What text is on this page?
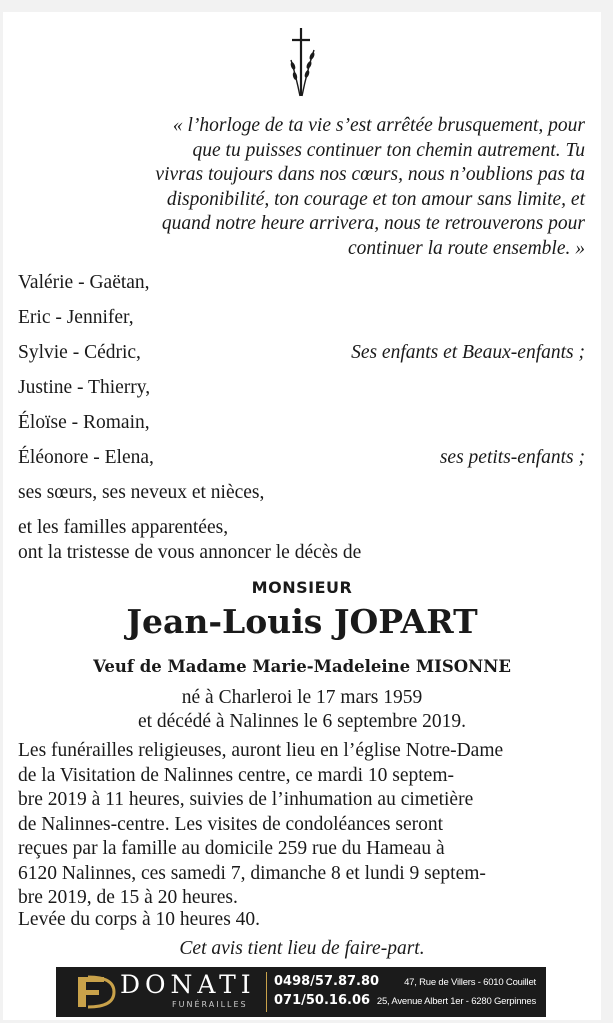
« l’horloge de ta vie s’est arrêtée brusquement, pour
que tu puisses continuer ton chemin autrement. Tu
vivras toujours dans nos cœurs, nous n’oublions pas ta
disponibilité, ton courage et ton amour sans limite, et
quand notre heure arrivera, nous te retrouverons pour
continuer la route ensemble. »
Valérie - Gaëtan,
Eric - Jennifer,
Sylvie - Cédric,	Ses enfants et Beaux-enfants ;
Justine - Thierry,
Éloïse - Romain,
Éléonore - Elena,	ses petits-enfants ;
ses sœurs, ses neveux et nièces,
et les familles apparentées,
ont la tristesse de vous annoncer le décès de
MONSIEUR
Jean-Louis JOPART
Veuf de Madame Marie-Madeleine MISONNE
né à Charleroi le 17 mars 1959
et décédé à Nalinnes le 6 septembre 2019.
Les funérailles religieuses, auront lieu en l’église Notre-Dame
de la Visitation de Nalinnes centre, ce mardi 10 septem-
bre 2019 à 11 heures, suivies de l’inhumation au cimetière
de Nalinnes-centre. Les visites de condoléances seront
reçues par la famille au domicile 259 rue du Hameau à
6120 Nalinnes, ces samedi 7, dimanche 8 et lundi 9 septem-
bre 2019, de 15 à 20 heures.
Levée du corps à 10 heures 40.
Cet avis tient lieu de faire-part.
DONATI
FUNÉRAILLES
0498/57.87.80
071/50.16.06
47, Rue de Villers - 6010 Couillet
25, Avenue Albert 1er - 6280 Gerpinnes
